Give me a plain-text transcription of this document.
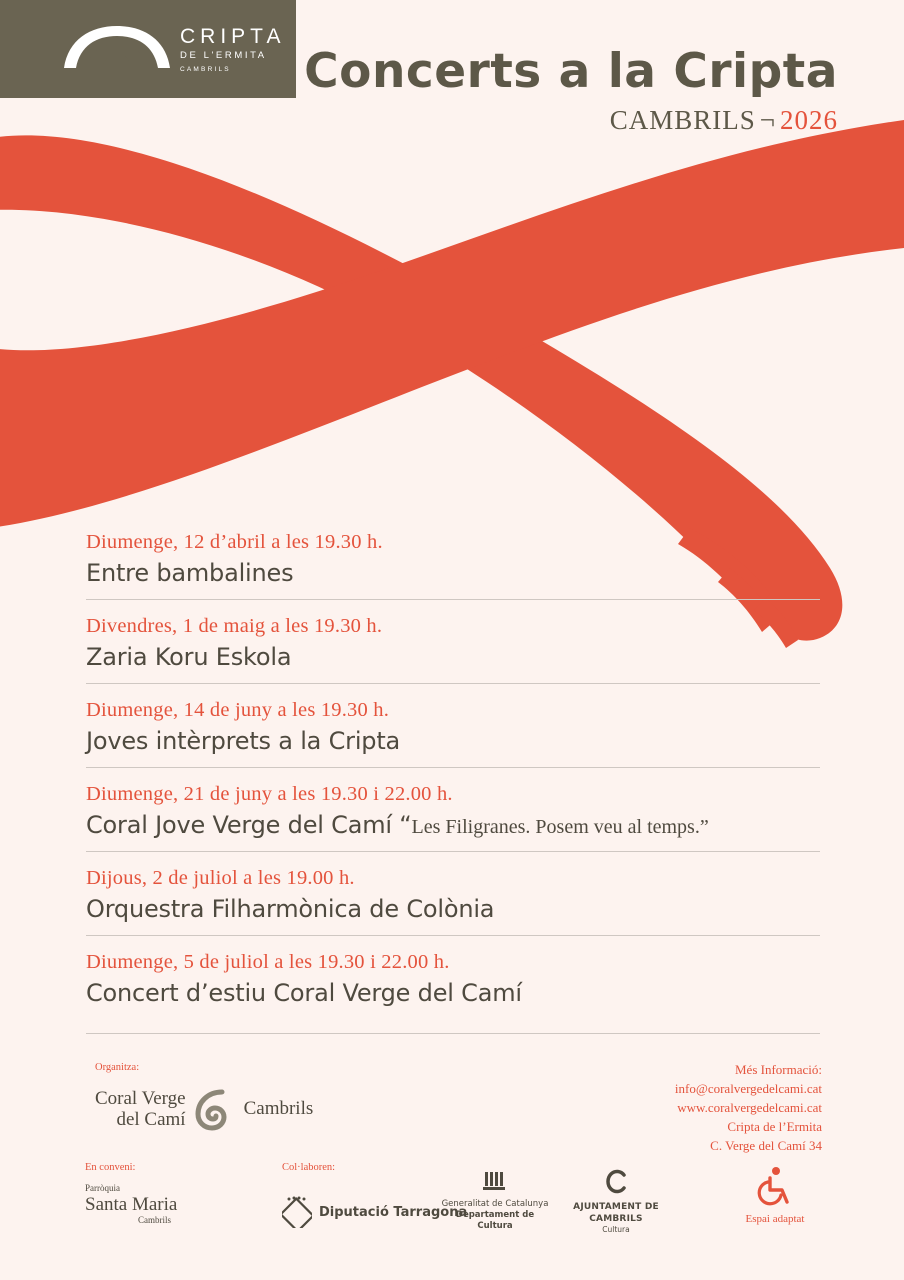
CRIPTA
DE L'ERMITA
CAMBRILS	Concerts a la Cripta
CAMBRILS ¬ 2026
Diumenge, 12 d’abril a les 19.30 h.
Entre bambalines
Divendres, 1 de maig a les 19.30 h.
Zaria Koru Eskola
Diumenge, 14 de juny a les 19.30 h.
Joves intèrprets a la Cripta
Diumenge, 21 de juny a les 19.30 i 22.00 h.
Coral Jove Verge del Camí “Les Filigranes. Posem veu al temps.”
Dijous, 2 de juliol a les 19.00 h.
Orquestra Filharmònica de Colònia
Diumenge, 5 de juliol a les 19.30 i 22.00 h.
Concert d’estiu Coral Verge del Camí
Organitza:
Coral Verge
del Camí
Cambrils
Més Informació:
info@coralvergedelcami.cat
www.coralvergedelcami.cat
Cripta de l’Ermita
C. Verge del Camí 34
En conveni:	Col·laboren:
Parròquia
Santa Maria
Cambrils
Diputació Tarragona
Generalitat de Catalunya
Departament de Cultura
AJUNTAMENT DE CAMBRILS
Cultura
Espai adaptat
